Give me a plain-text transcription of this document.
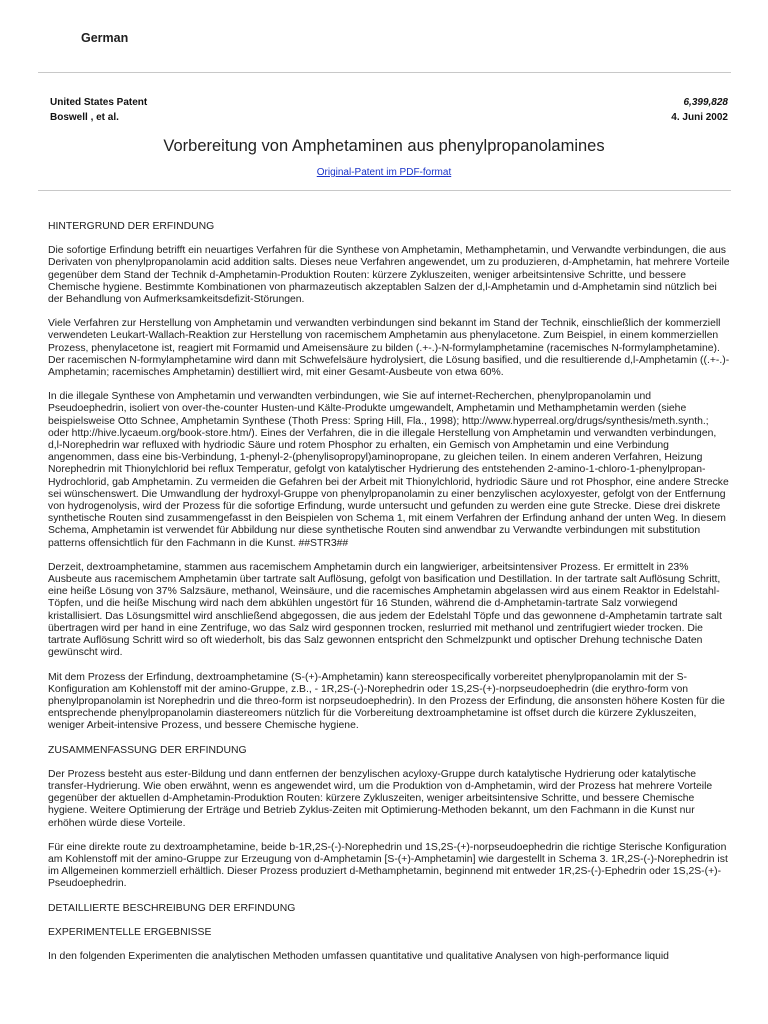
German
United States Patent	6,399,828
Boswell , et al.	4. Juni 2002
Vorbereitung von Amphetaminen aus phenylpropanolamines
Original-Patent im PDF-format
HINTERGRUND DER ERFINDUNG

Die sofortige Erfindung betrifft ein neuartiges Verfahren für die Synthese von Amphetamin, Methamphetamin, und Verwandte verbindungen, die aus Derivaten von phenylpropanolamin acid addition salts. Dieses neue Verfahren angewendet, um zu produzieren, d-Amphetamin, hat mehrere Vorteile gegenüber dem Stand der Technik d-Amphetamin-Produktion Routen: kürzere Zykluszeiten, weniger arbeitsintensive Schritte, und bessere Chemische hygiene. Bestimmte Kombinationen von pharmazeutisch akzeptablen Salzen der d,l-Amphetamin und d-Amphetamin sind nützlich bei der Behandlung von Aufmerksamkeitsdefizit-Störungen.

Viele Verfahren zur Herstellung von Amphetamin und verwandten verbindungen sind bekannt im Stand der Technik, einschließlich der kommerziell verwendeten Leukart-Wallach-Reaktion zur Herstellung von racemischem Amphetamin aus phenylacetone. Zum Beispiel, in einem kommerziellen Prozess, phenylacetone ist, reagiert mit Formamid und Ameisensäure zu bilden (.+-.)-N-formylamphetamine (racemisches N-formylamphetamine). Der racemischen N-formylamphetamine wird dann mit Schwefelsäure hydrolysiert, die Lösung basified, und die resultierende d,l-Amphetamin ((.+-.)-Amphetamin; racemisches Amphetamin) destilliert wird, mit einer Gesamt-Ausbeute von etwa 60%.

In die illegale Synthese von Amphetamin und verwandten verbindungen, wie Sie auf internet-Recherchen, phenylpropanolamin und Pseudoephedrin, isoliert von over-the-counter Husten-und Kälte-Produkte umgewandelt, Amphetamin und Methamphetamin werden (siehe beispielsweise Otto Schnee, Amphetamin Synthese (Thoth Press: Spring Hill, Fla., 1998); http://www.hyperreal.org/drugs/synthesis/meth.synth.; oder http://hive.lycaeum.org/book-store.htm/). Eines der Verfahren, die in die illegale Herstellung von Amphetamin und verwandten verbindungen, d,l-Norephedrin war refluxed with hydriodic Säure und rotem Phosphor zu erhalten, ein Gemisch von Amphetamin und eine Verbindung angenommen, dass eine bis-Verbindung, 1-phenyl-2-(phenylisopropyl)aminopropane, zu gleichen teilen. In einem anderen Verfahren, Heizung Norephedrin mit Thionylchlorid bei reflux Temperatur, gefolgt von katalytischer Hydrierung des entstehenden 2-amino-1-chloro-1-phenylpropan-Hydrochlorid, gab Amphetamin. Zu vermeiden die Gefahren bei der Arbeit mit Thionylchlorid, hydriodic Säure und rot Phosphor, eine andere Strecke sei wünschenswert. Die Umwandlung der hydroxyl-Gruppe von phenylpropanolamin zu einer benzylischen acyloxyester, gefolgt von der Entfernung von hydrogenolysis, wird der Prozess für die sofortige Erfindung, wurde untersucht und gefunden zu werden eine gute Strecke. Diese drei diskrete synthetische Routen sind zusammengefasst in den Beispielen von Schema 1, mit einem Verfahren der Erfindung anhand der unten Weg. In diesem Schema, Amphetamin ist verwendet für Abbildung nur diese synthetische Routen sind anwendbar zu Verwandte verbindungen mit substitution patterns offensichtlich für den Fachmann in die Kunst. ##STR3##

Derzeit, dextroamphetamine, stammen aus racemischem Amphetamin durch ein langwieriger, arbeitsintensiver Prozess. Er ermittelt in 23% Ausbeute aus racemischem Amphetamin über tartrate salt Auflösung, gefolgt von basification und Destillation. In der tartrate salt Auflösung Schritt, eine heiße Lösung von 37% Salzsäure, methanol, Weinsäure, und die racemisches Amphetamin abgelassen wird aus einem Reaktor in Edelstahl-Töpfen, und die heiße Mischung wird nach dem abkühlen ungestört für 16 Stunden, während die d-Amphetamin-tartrate Salz vorwiegend kristallisiert. Das Lösungsmittel wird anschließend abgegossen, die aus jedem der Edelstahl Töpfe und das gewonnene d-Amphetamin tartrate salt übertragen wird per hand in eine Zentrifuge, wo das Salz wird gesponnen trocken, reslurried mit methanol und zentrifugiert wieder trocken. Die tartrate Auflösung Schritt wird so oft wiederholt, bis das Salz gewonnen entspricht den Schmelzpunkt und optischer Drehung technische Daten gewünscht wird.

Mit dem Prozess der Erfindung, dextroamphetamine (S-(+)-Amphetamin) kann stereospecifically vorbereitet phenylpropanolamin mit der S-Konfiguration am Kohlenstoff mit der amino-Gruppe, z.B., - 1R,2S-(-)-Norephedrin oder 1S,2S-(+)-norpseudoephedrin (die erythro-form von phenylpropanolamin ist Norephedrin und die threo-form ist norpseudoephedrin). In den Prozess der Erfindung, die ansonsten höhere Kosten für die entsprechende phenylpropanolamin diastereomers nützlich für die Vorbereitung dextroamphetamine ist offset durch die kürzere Zykluszeiten, weniger Arbeit-intensive Prozess, und bessere Chemische hygiene.

ZUSAMMENFASSUNG DER ERFINDUNG

Der Prozess besteht aus ester-Bildung und dann entfernen der benzylischen acyloxy-Gruppe durch katalytische Hydrierung oder katalytische transfer-Hydrierung. Wie oben erwähnt, wenn es angewendet wird, um die Produktion von d-Amphetamin, wird der Prozess hat mehrere Vorteile gegenüber der aktuellen d-Amphetamin-Produktion Routen: kürzere Zykluszeiten, weniger arbeitsintensive Schritte, und bessere Chemische hygiene. Weitere Optimierung der Erträge und Betrieb Zyklus-Zeiten mit Optimierung-Methoden bekannt, um den Fachmann in die Kunst nur erhöhen würde diese Vorteile.

Für eine direkte route zu dextroamphetamine, beide b-1R,2S-(-)-Norephedrin und 1S,2S-(+)-norpseudoephedrin die richtige Sterische Konfiguration am Kohlenstoff mit der amino-Gruppe zur Erzeugung von d-Amphetamin [S-(+)-Amphetamin] wie dargestellt in Schema 3. 1R,2S-(-)-Norephedrin ist im Allgemeinen kommerziell erhältlich. Dieser Prozess produziert d-Methamphetamin, beginnend mit entweder 1R,2S-(-)-Ephedrin oder 1S,2S-(+)-Pseudoephedrin.

DETAILLIERTE BESCHREIBUNG DER ERFINDUNG
EXPERIMENTELLE ERGEBNISSE

In den folgenden Experimenten die analytischen Methoden umfassen quantitative und qualitative Analysen von high-performance liquid
